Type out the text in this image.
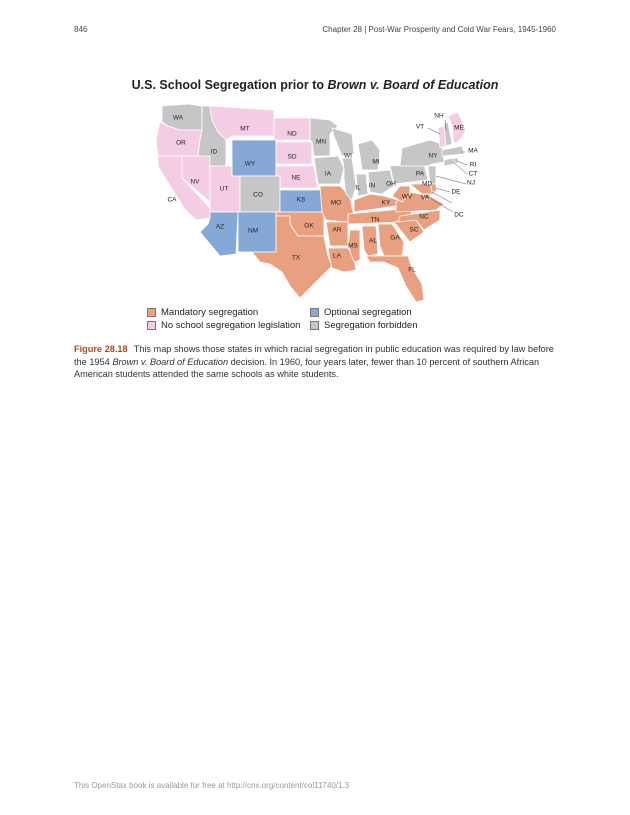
846	Chapter 28 | Post-War Prosperity and Cold War Fears, 1945-1960
U.S. School Segregation prior to Brown v. Board of Education
WA
OR
CA
ID
NV
MT
WY
UT
CO
AZ
NM
ND
SD
NE
KS
OK
TX
MN
IA
MO
AR
LA
WI
IL
MS
MI
IN OH
KY
TN
AL GA
FL
SC
NC
VA
WV
MD
DE
DC
PA
NJ
NY
CT
RI
MA
VT
NH
ME
Mandatory segregation
No school segregation legislation
Optional segregation
Segregation forbidden
Figure 28.18 This map shows those states in which racial segregation in public education was required by law before the 1954 Brown v. Board of Education decision. In 1960, four years later, fewer than 10 percent of southern African American students attended the same schools as white students.
This OpenStax book is available for free at http://cnx.org/content/col11740/1.3
